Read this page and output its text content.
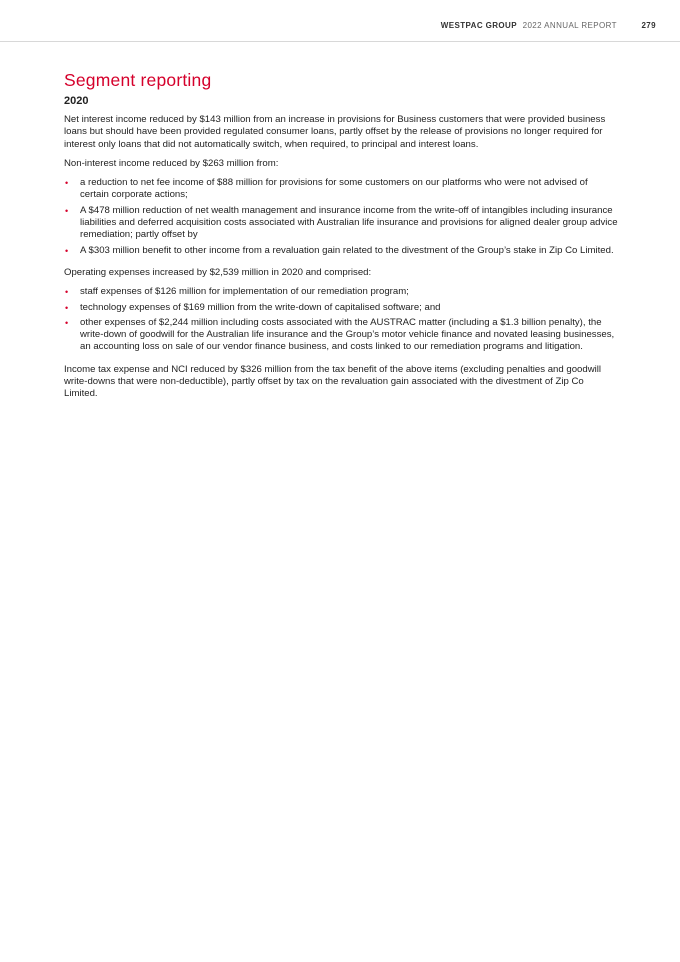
WESTPAC GROUP 2022 ANNUAL REPORT	279
Segment reporting
2020

Net interest income reduced by $143 million from an increase in provisions for Business customers that were provided business loans but should have been provided regulated consumer loans, partly offset by the release of provisions no longer required for interest only loans that did not automatically switch, when required, to principal and interest loans.

Non-interest income reduced by $263 million from:

• a reduction to net fee income of $88 million for provisions for some customers on our platforms who were not advised of certain corporate actions;
• A $478 million reduction of net wealth management and insurance income from the write-off of intangibles including insurance liabilities and deferred acquisition costs associated with Australian life insurance and provisions for aligned dealer group advice remediation; partly offset by
• A $303 million benefit to other income from a revaluation gain related to the divestment of the Group’s stake in Zip Co Limited.

Operating expenses increased by $2,539 million in 2020 and comprised:

• staff expenses of $126 million for implementation of our remediation program;
• technology expenses of $169 million from the write-down of capitalised software; and
• other expenses of $2,244 million including costs associated with the AUSTRAC matter (including a $1.3 billion penalty), the write-down of goodwill for the Australian life insurance and the Group’s motor vehicle finance and novated leasing businesses, an accounting loss on sale of our vendor finance business, and costs linked to our remediation programs and litigation.

Income tax expense and NCI reduced by $326 million from the tax benefit of the above items (excluding penalties and goodwill write-downs that were non-deductible), partly offset by tax on the revaluation gain associated with the divestment of Zip Co Limited.
